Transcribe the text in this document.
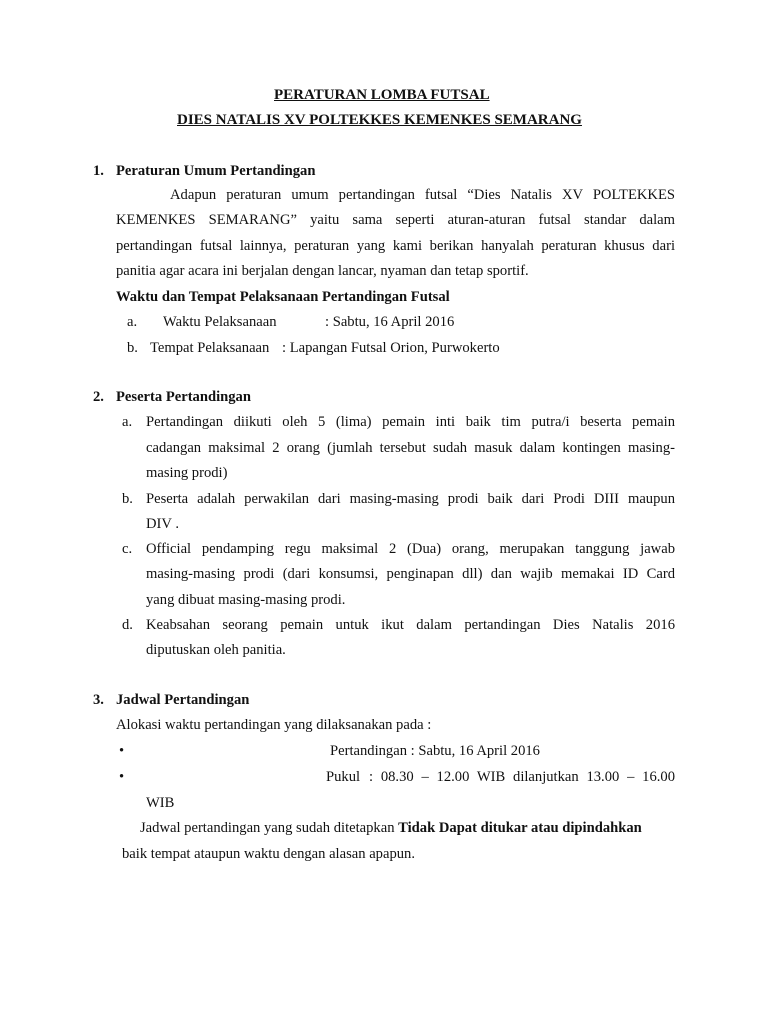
PERATURAN LOMBA FUTSAL
DIES NATALIS XV POLTEKKES KEMENKES SEMARANG
1. Peraturan Umum Pertandingan
Adapun peraturan umum pertandingan futsal “Dies Natalis XV POLTEKKES
KEMENKES SEMARANG” yaitu sama seperti aturan-aturan futsal standar dalam
pertandingan futsal lainnya, peraturan yang kami berikan hanyalah peraturan khusus dari
panitia agar acara ini berjalan dengan lancar, nyaman dan tetap sportif.
Waktu dan Tempat Pelaksanaan Pertandingan Futsal
a. Waktu Pelaksanaan	: Sabtu, 16 April 2016
b. Tempat Pelaksanaan : Lapangan Futsal Orion, Purwokerto
2. Peserta Pertandingan
a. Pertandingan diikuti oleh 5 (lima) pemain inti baik tim putra/i beserta pemain
cadangan maksimal 2 orang (jumlah tersebut sudah masuk dalam kontingen masing-
masing prodi)
b. Peserta adalah perwakilan dari masing-masing prodi baik dari Prodi DIII maupun
DIV .
c. Official pendamping regu maksimal 2 (Dua) orang, merupakan tanggung jawab
masing-masing prodi (dari konsumsi, penginapan dll) dan wajib memakai ID Card
yang dibuat masing-masing prodi.
d. Keabsahan seorang pemain untuk ikut dalam pertandingan Dies Natalis 2016
diputuskan oleh panitia.
3. Jadwal Pertandingan
Alokasi waktu pertandingan yang dilaksanakan pada :
•	Pertandingan : Sabtu, 16 April 2016
•	Pukul : 08.30 – 12.00 WIB dilanjutkan 13.00 – 16.00
WIB
Jadwal pertandingan yang sudah ditetapkan Tidak Dapat ditukar atau dipindahkan
baik tempat ataupun waktu dengan alasan apapun.
